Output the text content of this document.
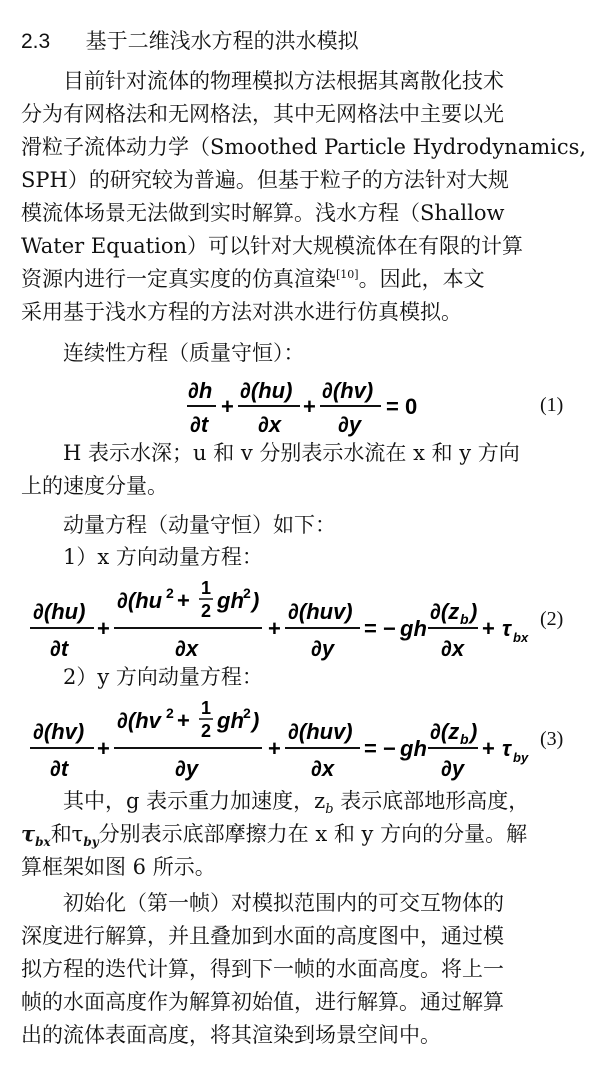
2.3 基于二维浅水方程的洪水模拟
目前针对流体的物理模拟方法根据其离散化技术
分为有网格法和无网格法，其中无网格法中主要以光
滑粒子流体动力学（Smoothed Particle Hydrodynamics,
SPH）的研究较为普遍。但基于粒子的方法针对大规
模流体场景无法做到实时解算。浅水方程（Shallow
Water Equation）可以针对大规模流体在有限的计算
资源内进行一定真实度的仿真渲染[10]。因此，本文
采用基于浅水方程的方法对洪水进行仿真模拟。
连续性方程（质量守恒）：
∂h
∂t
+
∂(hu)
∂x
+
∂(hv)
∂y
= 0	(1)
H 表示水深；u 和 v 分别表示水流在 x 和 y 方向
上的速度分量。
动量方程（动量守恒）如下：
1）x 方向动量方程：
∂(hu)
∂t
+
∂(hu 2 + 1
2 gh 2 )
∂x
+
∂(huv)
∂y
= − gh
∂(z b )
∂x
+ τ bx
(2)
2）y 方向动量方程：
∂(hv)
∂t
+
∂(hv 2 + 1
2 gh 2 )
∂y
+
∂(huv)
∂x
= − gh
∂(z b )
∂y
+ τ by
(3)
其中，g 表示重力加速度，$z_b$ 表示底部地形高度，
$\tau_{bx}$和$\tau_{by}$分别表示底部摩擦力在 x 和 y 方向的分量。解
算框架如图 6 所示。
初始化（第一帧）对模拟范围内的可交互物体的
深度进行解算，并且叠加到水面的高度图中，通过模
拟方程的迭代计算，得到下一帧的水面高度。将上一
帧的水面高度作为解算初始值，进行解算。通过解算
出的流体表面高度，将其渲染到场景空间中。
